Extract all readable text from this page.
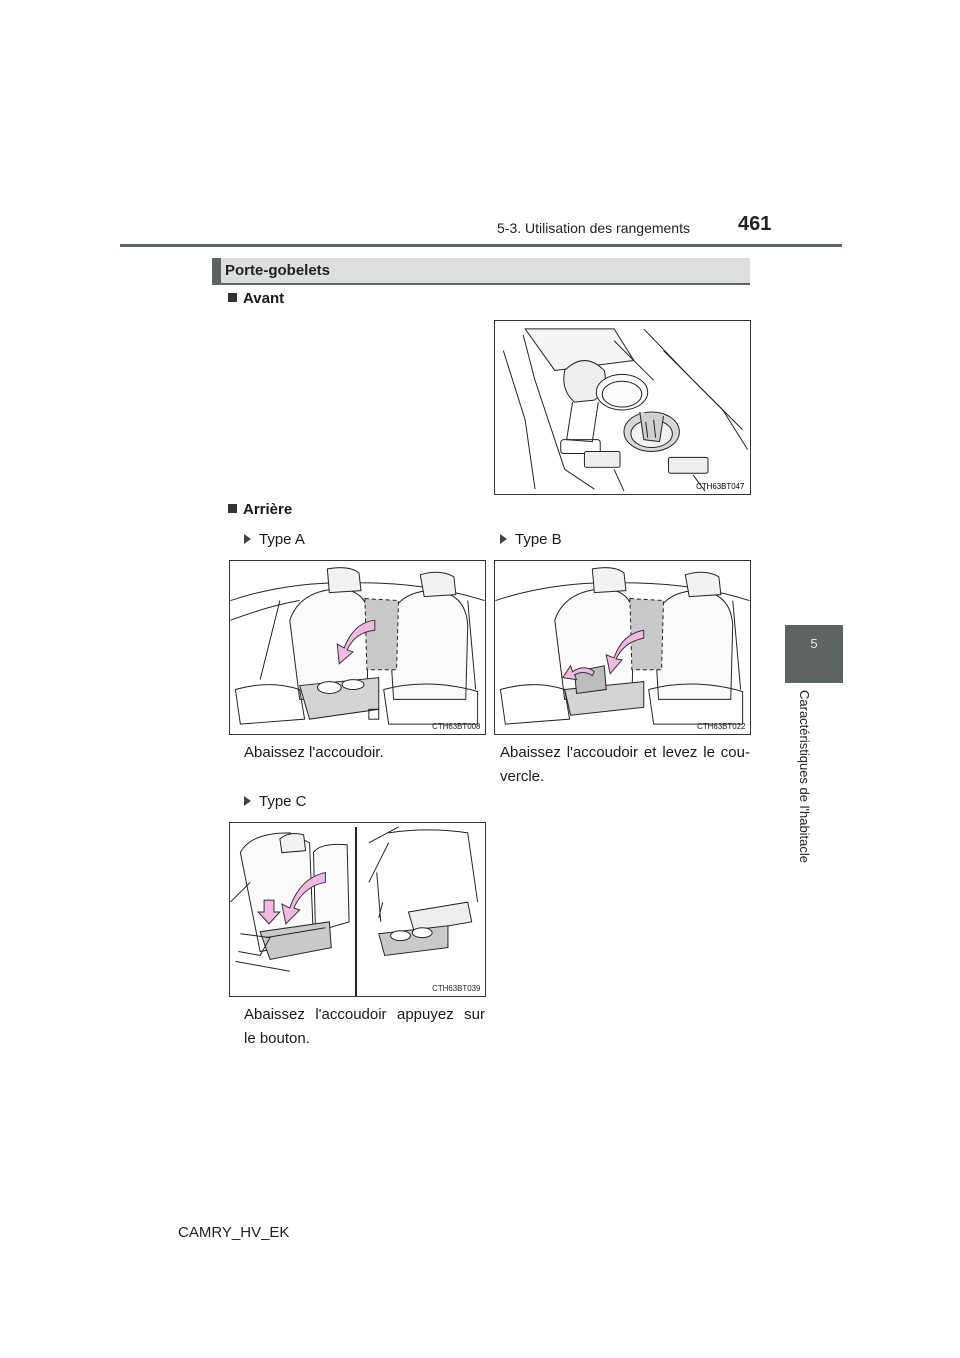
5-3. Utilisation des rangements 461
5
Caractéristiques de l'habitacle
Porte-gobelets
Avant
CTH63BT047
Arrière
Type A
CTH63BT008
Abaissez l'accoudoir.
Type B
CTH63BT022
Abaissez l'accoudoir et levez le cou-
vercle.
Type C
CTH63BT039
Abaissez l'accoudoir appuyez sur
le bouton.
CAMRY_HV_EK
